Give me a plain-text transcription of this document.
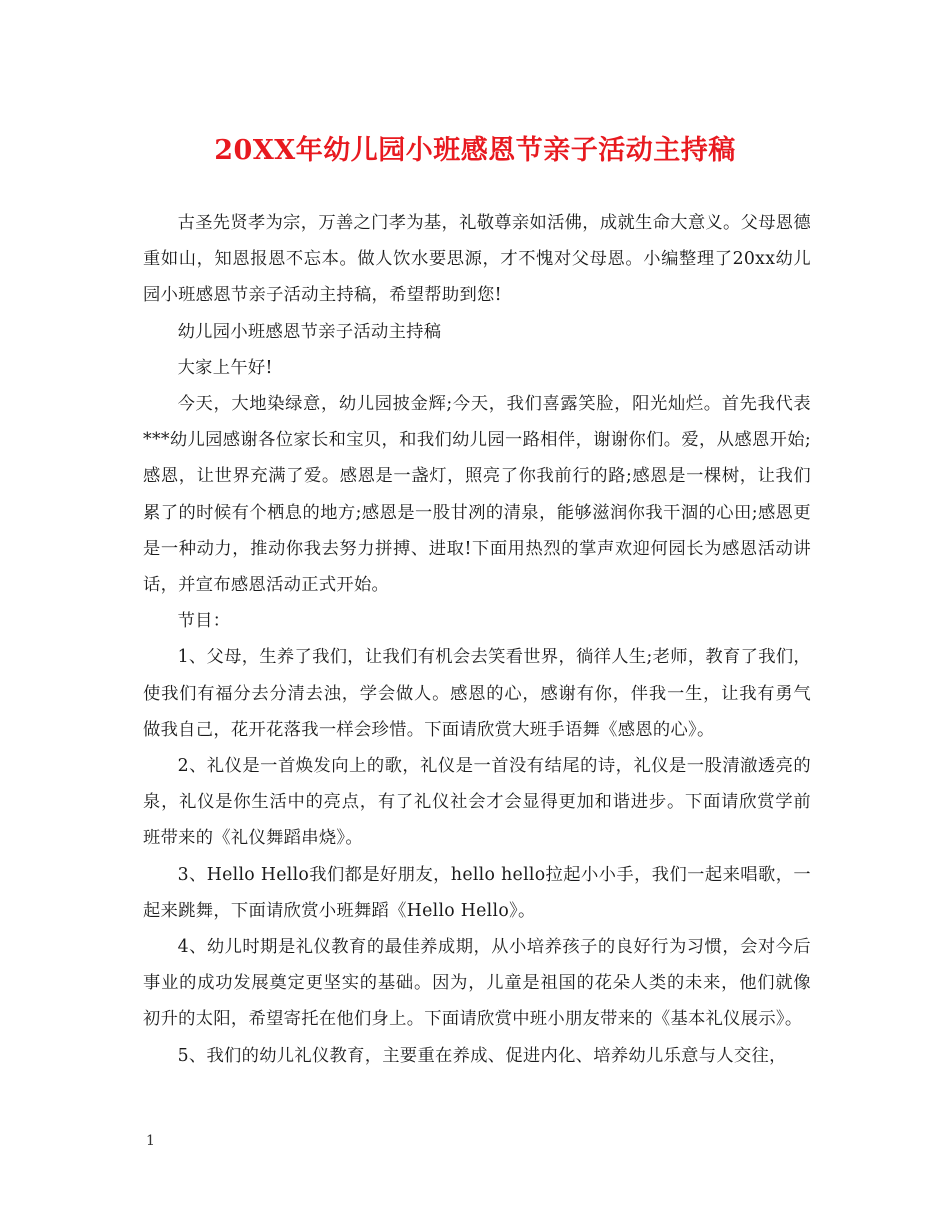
20XX年幼儿园小班感恩节亲子活动主持稿

古圣先贤孝为宗，万善之门孝为基，礼敬尊亲如活佛，成就生命大意义。父母恩德重如山，知恩报恩不忘本。做人饮水要思源，才不愧对父母恩。小编整理了20xx幼儿园小班感恩节亲子活动主持稿，希望帮助到您!

幼儿园小班感恩节亲子活动主持稿

大家上午好!

今天，大地染绿意，幼儿园披金辉;今天，我们喜露笑脸，阳光灿烂。首先我代表***幼儿园感谢各位家长和宝贝，和我们幼儿园一路相伴，谢谢你们。爱，从感恩开始;感恩，让世界充满了爱。感恩是一盏灯，照亮了你我前行的路;感恩是一棵树，让我们累了的时候有个栖息的地方;感恩是一股甘冽的清泉，能够滋润你我干涸的心田;感恩更是一种动力，推动你我去努力拼搏、进取!下面用热烈的掌声欢迎何园长为感恩活动讲话，并宣布感恩活动正式开始。

节目：

1、父母，生养了我们，让我们有机会去笑看世界，徜徉人生;老师，教育了我们，使我们有福分去分清去浊，学会做人。感恩的心，感谢有你，伴我一生，让我有勇气做我自己，花开花落我一样会珍惜。下面请欣赏大班手语舞《感恩的心》。

2、礼仪是一首焕发向上的歌，礼仪是一首没有结尾的诗，礼仪是一股清澈透亮的泉，礼仪是你生活中的亮点，有了礼仪社会才会显得更加和谐进步。下面请欣赏学前班带来的《礼仪舞蹈串烧》。

3、Hello Hello我们都是好朋友，hello hello拉起小小手，我们一起来唱歌，一起来跳舞，下面请欣赏小班舞蹈《Hello Hello》。

4、幼儿时期是礼仪教育的最佳养成期，从小培养孩子的良好行为习惯，会对今后事业的成功发展奠定更坚实的基础。因为，儿童是祖国的花朵人类的未来，他们就像初升的太阳，希望寄托在他们身上。下面请欣赏中班小朋友带来的《基本礼仪展示》。

5、我们的幼儿礼仪教育，主要重在养成、促进内化、培养幼儿乐意与人交往，

1
